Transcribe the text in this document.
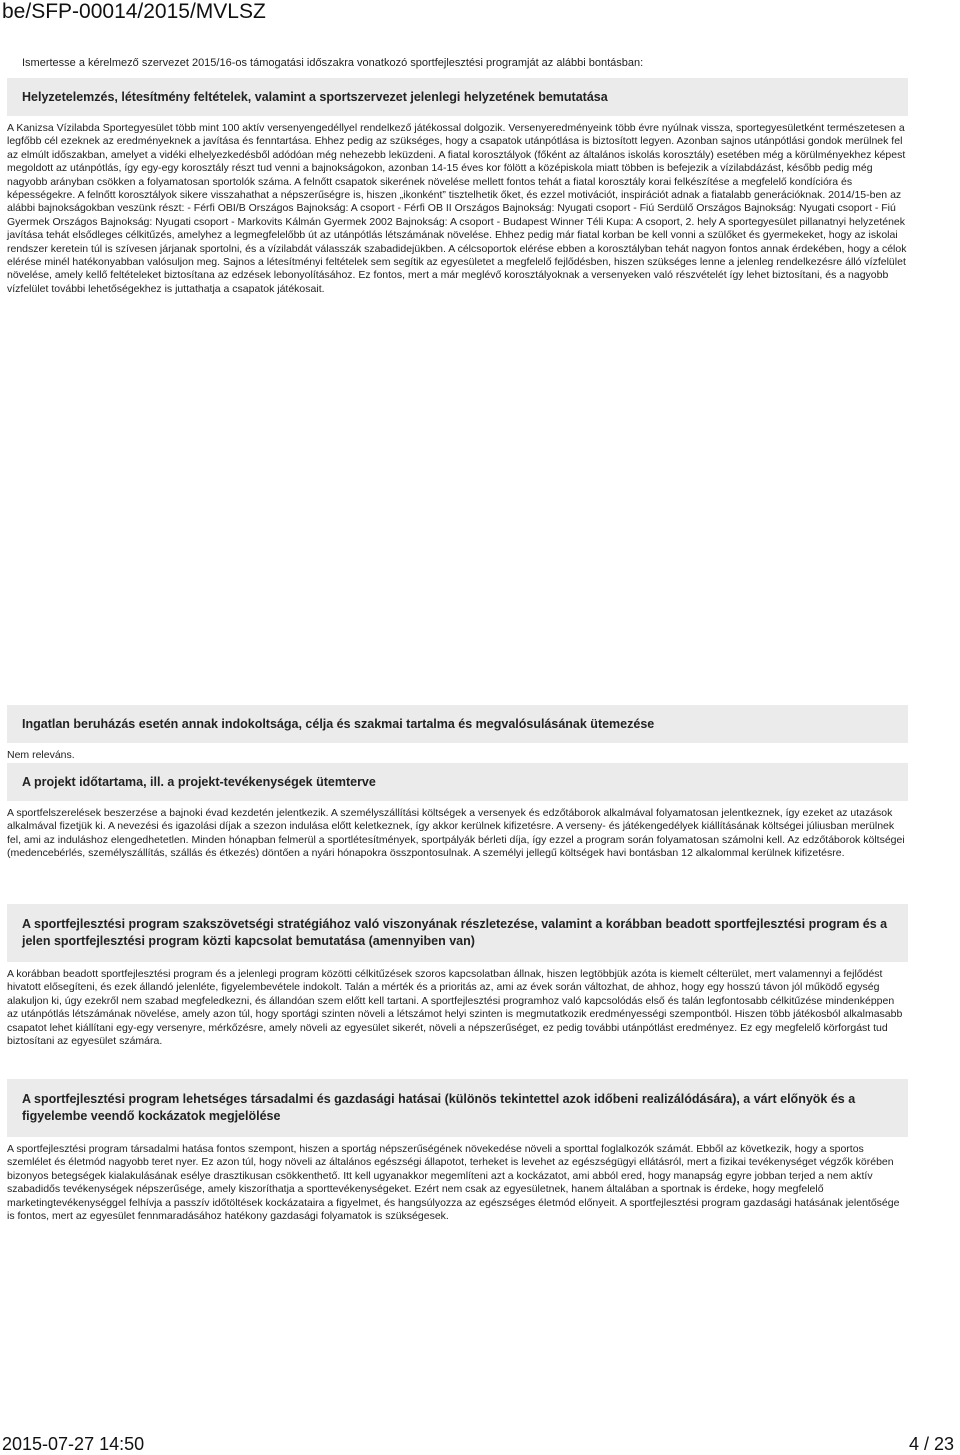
be/SFP-00014/2015/MVLSZ
Ismertesse a kérelmező szervezet 2015/16-os támogatási időszakra vonatkozó sportfejlesztési programját az alábbi bontásban:
Helyzetelemzés, létesítmény feltételek, valamint a sportszervezet jelenlegi helyzetének bemutatása
A Kanizsa Vízilabda Sportegyesület több mint 100 aktív versenyengedéllyel rendelkező játékossal dolgozik. Versenyeredményeink több évre nyúlnak vissza, sportegyesületként természetesen a legfőbb cél ezeknek az eredményeknek a javítása és fenntartása. Ehhez pedig az szükséges, hogy a csapatok utánpótlása is biztosított legyen. Azonban sajnos utánpótlási gondok merülnek fel az elmúlt időszakban, amelyet a vidéki elhelyezkedésből adódóan még nehezebb leküzdeni. A fiatal korosztályok (főként az általános iskolás korosztály) esetében még a körülményekhez képest megoldott az utánpótlás, így egy-egy korosztály részt tud venni a bajnokságokon, azonban 14-15 éves kor fölött a középiskola miatt többen is befejezik a vízilabdázást, később pedig még nagyobb arányban csökken a folyamatosan sportolók száma. A felnőtt csapatok sikerének növelése mellett fontos tehát a fiatal korosztály korai felkészítése a megfelelő kondícióra és képességekre. A felnőtt korosztályok sikere visszahathat a népszerűségre is, hiszen „ikonként” tisztelhetik őket, és ezzel motivációt, inspirációt adnak a fiatalabb generációknak. 2014/15-ben az alábbi bajnokságokban veszünk részt: - Férfi OBI/B Országos Bajnokság: A csoport - Férfi OB II Országos Bajnokság: Nyugati csoport - Fiú Serdülő Országos Bajnokság: Nyugati csoport - Fiú Gyermek Országos Bajnokság: Nyugati csoport - Markovits Kálmán Gyermek 2002 Bajnokság: A csoport - Budapest Winner Téli Kupa: A csoport, 2. hely A sportegyesület pillanatnyi helyzetének javítása tehát elsődleges célkitűzés, amelyhez a legmegfelelőbb út az utánpótlás létszámának növelése. Ehhez pedig már fiatal korban be kell vonni a szülőket és gyermekeket, hogy az iskolai rendszer keretein túl is szívesen járjanak sportolni, és a vízilabdát válasszák szabadidejükben. A célcsoportok elérése ebben a korosztályban tehát nagyon fontos annak érdekében, hogy a célok elérése minél hatékonyabban valósuljon meg. Sajnos a létesítményi feltételek sem segítik az egyesületet a megfelelő fejlődésben, hiszen szükséges lenne a jelenleg rendelkezésre álló vízfelület növelése, amely kellő feltételeket biztosítana az edzések lebonyolításához. Ez fontos, mert a már meglévő korosztályoknak a versenyeken való részvételét így lehet biztosítani, és a nagyobb vízfelület további lehetőségekhez is juttathatja a csapatok játékosait.
Ingatlan beruházás esetén annak indokoltsága, célja és szakmai tartalma és megvalósulásának ütemezése
Nem releváns.
A projekt időtartama, ill. a projekt-tevékenységek ütemterve
A sportfelszerelések beszerzése a bajnoki évad kezdetén jelentkezik. A személyszállítási költségek a versenyek és edzőtáborok alkalmával folyamatosan jelentkeznek, így ezeket az utazások alkalmával fizetjük ki. A nevezési és igazolási díjak a szezon indulása előtt keletkeznek, így akkor kerülnek kifizetésre. A verseny- és játékengedélyek kiállításának költségei júliusban merülnek fel, ami az induláshoz elengedhetetlen. Minden hónapban felmerül a sportlétesítmények, sportpályák bérleti díja, így ezzel a program során folyamatosan számolni kell. Az edzőtáborok költségei (medencebérlés, személyszállítás, szállás és étkezés) döntően a nyári hónapokra összpontosulnak. A személyi jellegű költségek havi bontásban 12 alkalommal kerülnek kifizetésre.
A sportfejlesztési program szakszövetségi stratégiához való viszonyának részletezése, valamint a korábban beadott sportfejlesztési program és a jelen sportfejlesztési program közti kapcsolat bemutatása (amennyiben van)
A korábban beadott sportfejlesztési program és a jelenlegi program közötti célkitűzések szoros kapcsolatban állnak, hiszen legtöbbjük azóta is kiemelt célterület, mert valamennyi a fejlődést hivatott elősegíteni, és ezek állandó jelenléte, figyelembevétele indokolt. Talán a mérték és a prioritás az, ami az évek során változhat, de ahhoz, hogy egy hosszú távon jól működő egység alakuljon ki, úgy ezekről nem szabad megfeledkezni, és állandóan szem előtt kell tartani. A sportfejlesztési programhoz való kapcsolódás első és talán legfontosabb célkitűzése mindenképpen az utánpótlás létszámának növelése, amely azon túl, hogy sportági szinten növeli a létszámot helyi szinten is megmutatkozik eredményességi szempontból. Hiszen több játékosból alkalmasabb csapatot lehet kiállítani egy-egy versenyre, mérkőzésre, amely növeli az egyesület sikerét, növeli a népszerűséget, ez pedig további utánpótlást eredményez. Ez egy megfelelő körforgást tud biztosítani az egyesület számára.
A sportfejlesztési program lehetséges társadalmi és gazdasági hatásai (különös tekintettel azok időbeni realizálódására), a várt előnyök és a figyelembe veendő kockázatok megjelölése
A sportfejlesztési program társadalmi hatása fontos szempont, hiszen a sportág népszerűségének növekedése növeli a sporttal foglalkozók számát. Ebből az következik, hogy a sportos szemlélet és életmód nagyobb teret nyer. Ez azon túl, hogy növeli az általános egészségi állapotot, terheket is levehet az egészségügyi ellátásról, mert a fizikai tevékenységet végzők körében bizonyos betegségek kialakulásának esélye drasztikusan csökkenthető. Itt kell ugyanakkor megemlíteni azt a kockázatot, ami abból ered, hogy manapság egyre jobban terjed a nem aktív szabadidős tevékenységek népszerűsége, amely kiszoríthatja a sporttevékenységeket. Ezért nem csak az egyesületnek, hanem általában a sportnak is érdeke, hogy megfelelő marketingtevékenységgel felhívja a passzív időtöltések kockázataira a figyelmet, és hangsúlyozza az egészséges életmód előnyeit. A sportfejlesztési program gazdasági hatásának jelentősége is fontos, mert az egyesület fennmaradásához hatékony gazdasági folyamatok is szükségesek.
2015-07-27 14:50	4 / 23
